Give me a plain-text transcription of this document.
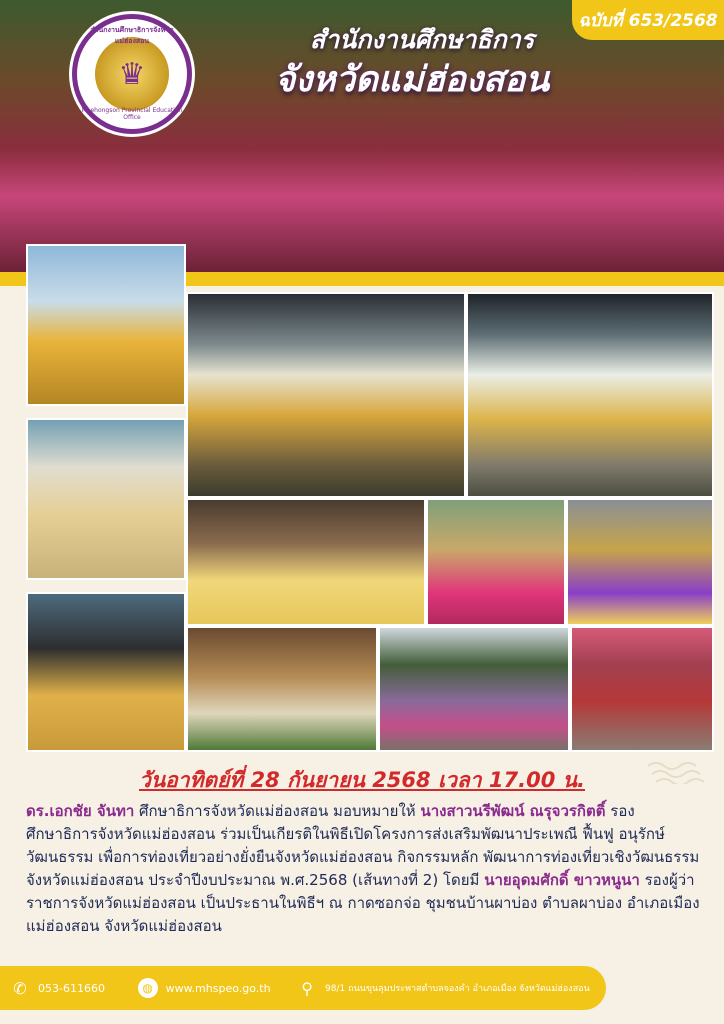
ฉบับที่ 653/2568
สำนักงานศึกษาธิการจังหวัดแม่ฮ่องสอน
♛
Maehongson Provincial Education Office
สำนักงานศึกษาธิการ
จังหวัดแม่ฮ่องสอน
วันอาทิตย์ที่ 28 กันยายน 2568 เวลา 17.00 น.
ดร.เอกชัย จันทา ศึกษาธิการจังหวัดแม่ฮ่องสอน มอบหมายให้ นางสาวนรีพัฒน์ ณรุจวรกิตติ์ รองศึกษาธิการจังหวัดแม่ฮ่องสอน ร่วมเป็นเกียรติในพิธีเปิดโครงการส่งเสริมพัฒนาประเพณี ฟื้นฟู อนุรักษ์วัฒนธรรม เพื่อการท่องเที่ยวอย่างยั่งยืนจังหวัดแม่ฮ่องสอน กิจกรรมหลัก พัฒนาการท่องเที่ยวเชิงวัฒนธรรมจังหวัดแม่ฮ่องสอน ประจำปีงบประมาณ พ.ศ.2568 (เส้นทางที่ 2) โดยมี นายอุดมศักดิ์ ขาวหนูนา รองผู้ว่าราชการจังหวัดแม่ฮ่องสอน เป็นประธานในพิธีฯ ณ กาดซอกจ่อ ชุมชนบ้านผาบ่อง ตำบลผาบ่อง อำเภอเมืองแม่ฮ่องสอน จังหวัดแม่ฮ่องสอน
✆ 053-611660	◍	www.mhspeo.go.th ⚲	98/1 ถนนขุนลุมประพาสตำบลจองคำ อำเภอเมือง จังหวัดแม่ฮ่องสอน
